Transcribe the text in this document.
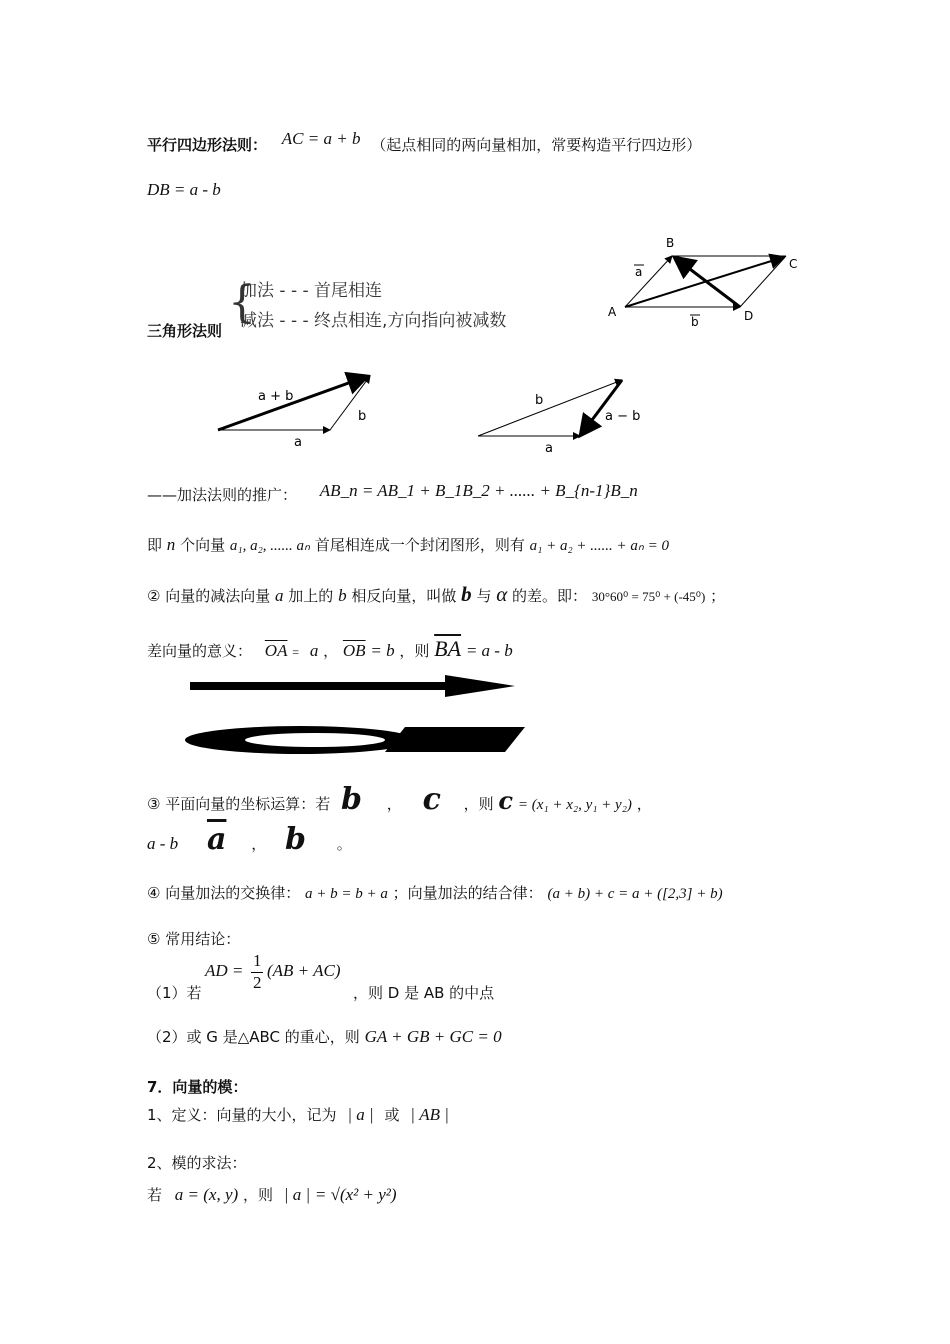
平行四边形法则： AC = a + b （起点相同的两向量相加，常要构造平行四边形）
DB = a - b
B
C
A	D
a
b
三角形法则
{
加法 - - - 首尾相连
减法 - - - 终点相连,方向指向被减数
a + b
b
a
b
a − b
a
——加法法则的推广： AB_n = AB_1 + B_1B_2 + ...... + B_{n-1}B_n
即 n 个向量 a₁, a₂, ...... aₙ 首尾相连成一个封闭图形，则有 a₁ + a₂ + ...... + aₙ = 0
② 向量的减法向量 a 加上的 b 相反向量，叫做 b 与 α 的差。即： 30°60⁰ = 75⁰ + (-45⁰) ；
差向量的意义： $\overline{OA} = a$ ， $\overline{OB} = b$ ，则 $\overline{BA} = a - b$
③ 平面向量的坐标运算：若 b ， c ，则 c = (x₁ + x₂, y₁ + y₂) ，
a - b $\overline{a}$ ， b 。
④ 向量加法的交换律： a + b = b + a ；向量加法的结合律： (a + b) + c = a + ([2,3] + b)
⑤ 常用结论：
（1）若
AD =
1
2
(AB + AC)
，则 D 是 AB 的中点
（2）或 G 是△ABC 的重心，则 GA + GB + GC = 0
7．向量的模：
1、定义：向量的大小，记为 | a | 或 | AB |
2、模的求法：
若 a = (x, y) ，则 | a | = √(x² + y²)
